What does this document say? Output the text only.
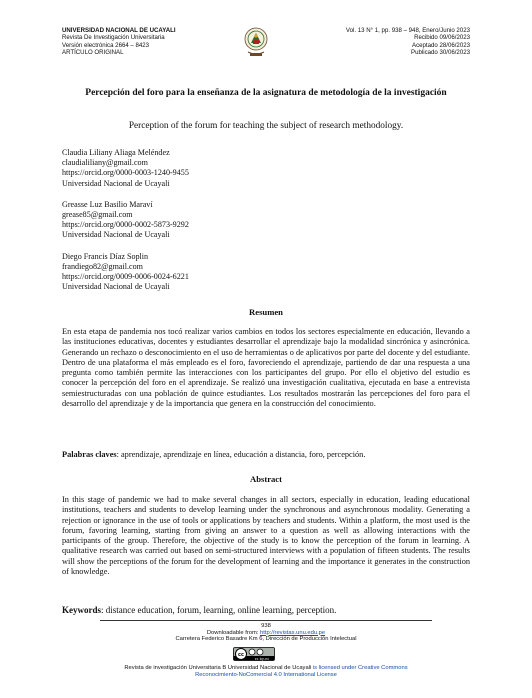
UNIVERSIDAD NACIONAL DE UCAYALI
Revista De Investigación Universitaria
Versión electrónica 2664 – 8423
ARTÍCULO ORIGINAL
Vol. 13 N° 1, pp. 938 – 948, Enero/Junio 2023
Recibido 09/06/2023
Aceptado 28/06/2023
Publicado 30/06/2023
Percepción del foro para la enseñanza de la asignatura de metodología de la investigación
Perception of the forum for teaching the subject of research methodology.
Claudia Liliany Aliaga Meléndez
claudialiliany@gmail.com
https://orcid.org/0000-0003-1240-9455
Universidad Nacional de Ucayali
Greasse Luz Basilio Maraví
grease85@gmail.com
https://orcid.org/0000-0002-5873-9292
Universidad Nacional de Ucayali
Diego Francis Díaz Soplin
frandiego82@gmail.com
https://orcid.org/0009-0006-0024-6221
Universidad Nacional de Ucayali
Resumen
En esta etapa de pandemia nos tocó realizar varios cambios en todos los sectores especialmente en educación, llevando a las instituciones educativas, docentes y estudiantes desarrollar el aprendizaje bajo la modalidad sincrónica y asincrónica. Generando un rechazo o desconocimiento en el uso de herramientas o de aplicativos por parte del docente y del estudiante. Dentro de una plataforma el más empleado es el foro, favoreciendo el aprendizaje, partiendo de dar una respuesta a una pregunta como también permite las interacciones con los participantes del grupo. Por ello el objetivo del estudio es conocer la percepción del foro en el aprendizaje. Se realizó una investigación cualitativa, ejecutada en base a entrevista semiestructuradas con una población de quince estudiantes. Los resultados mostrarán las percepciones del foro para el desarrollo del aprendizaje y de la importancia que genera en la construcción del conocimiento.
Palabras claves: aprendizaje, aprendizaje en línea, educación a distancia, foro, percepción.
Abstract
In this stage of pandemic we had to make several changes in all sectors, especially in education, leading educational institutions, teachers and students to develop learning under the synchronous and asynchronous modality. Generating a rejection or ignorance in the use of tools or applications by teachers and students. Within a platform, the most used is the forum, favoring learning, starting from giving an answer to a question as well as allowing interactions with the participants of the group. Therefore, the objective of the study is to know the perception of the forum in learning. A qualitative research was carried out based on semi-structured interviews with a population of fifteen students. The results will show the perceptions of the forum for the development of learning and the importance it generates in the construction of knowledge.
Keywords: distance education, forum, learning, online learning, perception.
938
Downloadable from: http://revistas.unu.edu.pe
Carretera Federico Basadre Km 6, Dirección de Producción Intelectual
cc
cc by-nc
Revista de investigación Universitaria B Universidad Nacional de Ucayali is licensed under Creative Commons
Reconocimiento-NoComercial 4.0 International License
